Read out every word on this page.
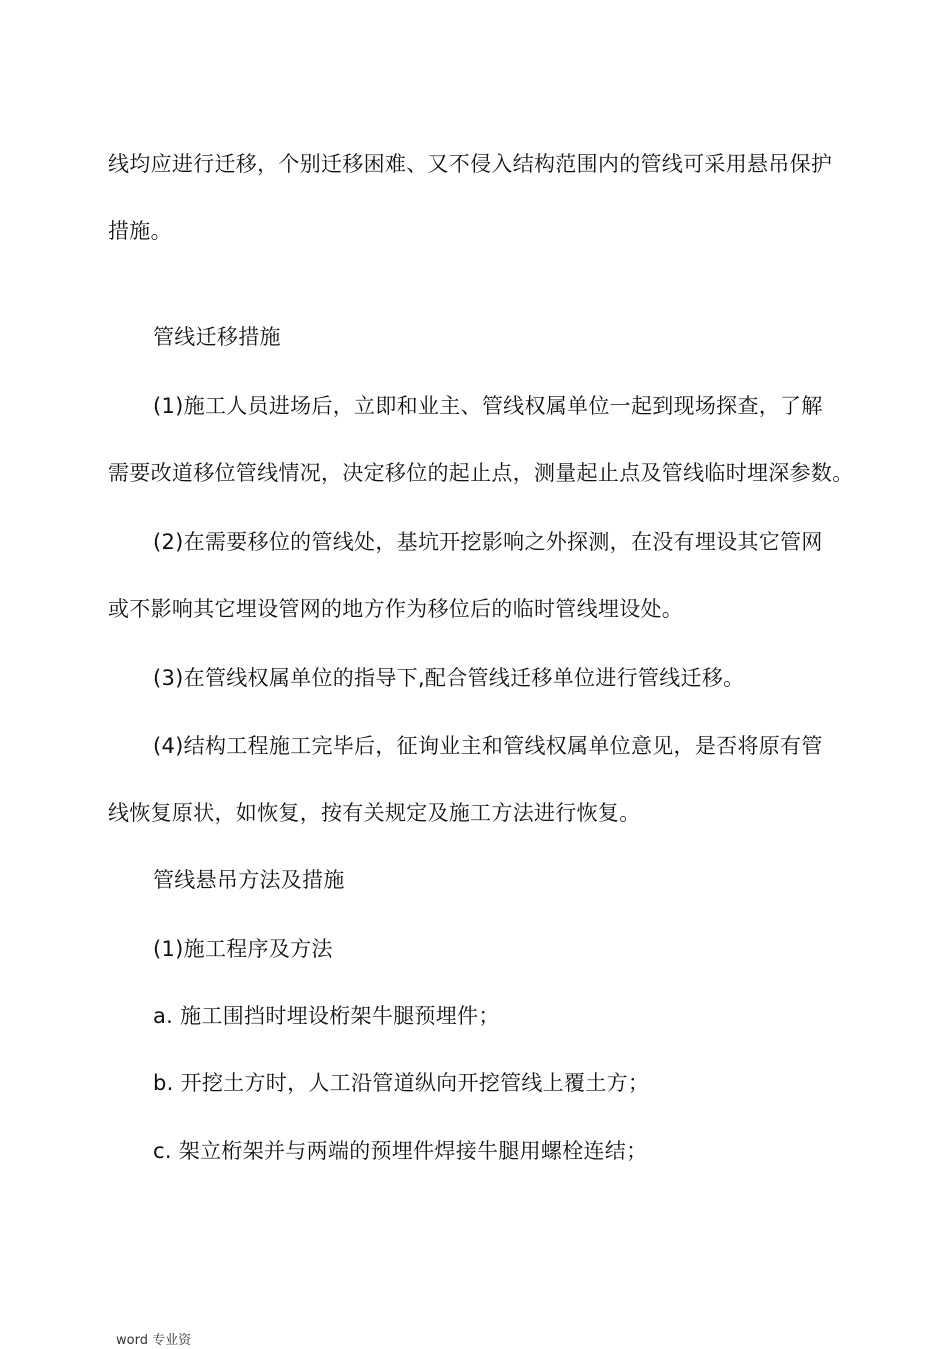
线均应进行迁移，个别迁移困难、又不侵入结构范围内的管线可采用悬吊保护
措施。
管线迁移措施
(1)施工人员进场后，立即和业主、管线权属单位一起到现场探查，了解
需要改道移位管线情况，决定移位的起止点，测量起止点及管线临时埋深参数。
(2)在需要移位的管线处，基坑开挖影响之外探测，在没有埋设其它管网
或不影响其它埋设管网的地方作为移位后的临时管线埋设处。
(3)在管线权属单位的指导下,配合管线迁移单位进行管线迁移。
(4)结构工程施工完毕后，征询业主和管线权属单位意见，是否将原有管
线恢复原状，如恢复，按有关规定及施工方法进行恢复。
管线悬吊方法及措施
(1)施工程序及方法
a. 施工围挡时埋设桁架牛腿预埋件；
b. 开挖土方时，人工沿管道纵向开挖管线上覆土方；
c. 架立桁架并与两端的预埋件焊接牛腿用螺栓连结；
word 专业资
